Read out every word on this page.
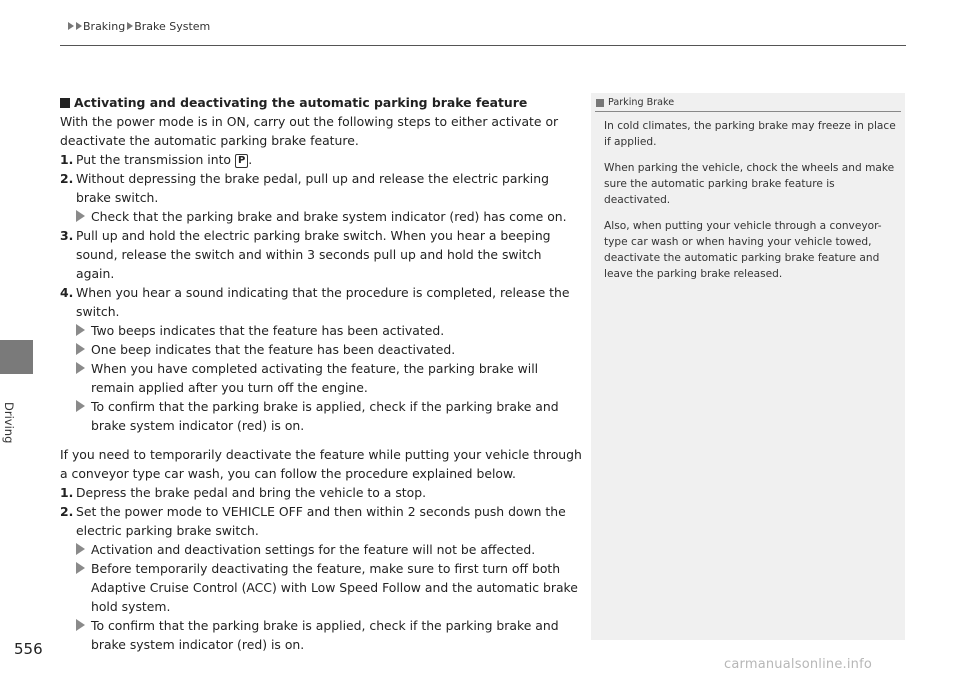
Braking Brake System
Driving
556

Activating and deactivating the automatic parking brake feature

With the power mode is in ON, carry out the following steps to either activate or deactivate the automatic parking brake feature.

1. Put the transmission into P .
2. Without depressing the brake pedal, pull up and release the electric parking brake switch.
Check that the parking brake and brake system indicator (red) has come on.
3. Pull up and hold the electric parking brake switch. When you hear a beeping sound, release the switch and within 3 seconds pull up and hold the switch again.
4. When you hear a sound indicating that the procedure is completed, release the switch.
Two beeps indicates that the feature has been activated.
One beep indicates that the feature has been deactivated.
When you have completed activating the feature, the parking brake will remain applied after you turn off the engine.
To confirm that the parking brake is applied, check if the parking brake and brake system indicator (red) is on.

If you need to temporarily deactivate the feature while putting your vehicle through a conveyor type car wash, you can follow the procedure explained below.

1. Depress the brake pedal and bring the vehicle to a stop.
2. Set the power mode to VEHICLE OFF and then within 2 seconds push down the electric parking brake switch.
Activation and deactivation settings for the feature will not be affected.
Before temporarily deactivating the feature, make sure to first turn off both Adaptive Cruise Control (ACC) with Low Speed Follow and the automatic brake hold system.
To confirm that the parking brake is applied, check if the parking brake and brake system indicator (red) is on.
Parking Brake

In cold climates, the parking brake may freeze in place if applied.

When parking the vehicle, chock the wheels and make sure the automatic parking brake feature is deactivated.

Also, when putting your vehicle through a conveyor-type car wash or when having your vehicle towed, deactivate the automatic parking brake feature and leave the parking brake released.

carmanualsonline.info
